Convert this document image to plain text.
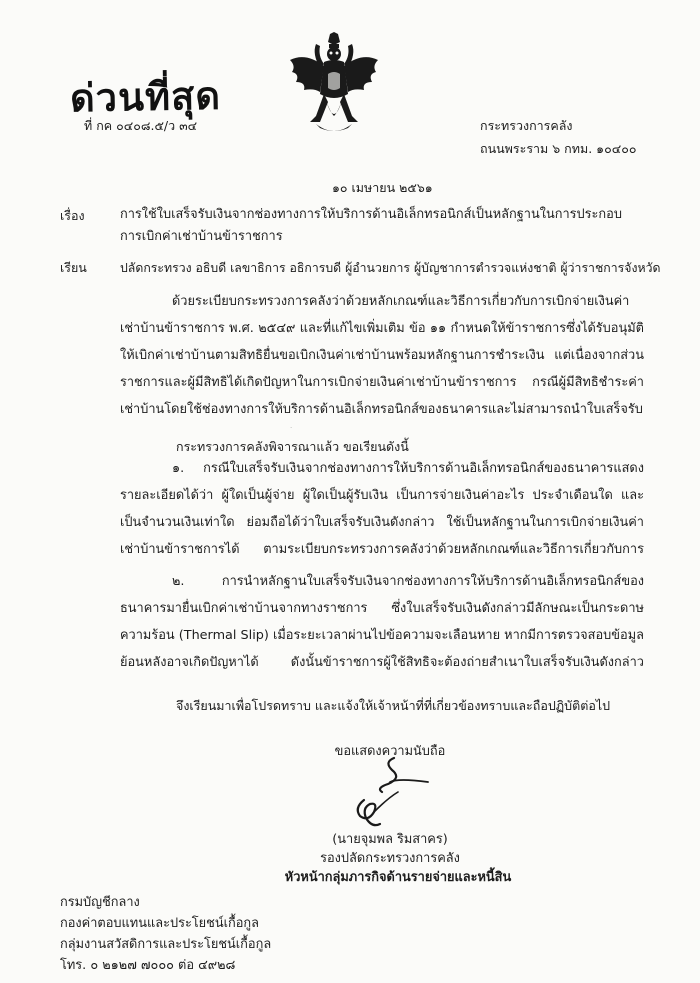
ด่วนที่สุด
ที่ กค ๐๔๐๘.๕/ว ๓๔	กระทรวงการคลัง
ถนนพระราม ๖ กทม. ๑๐๔๐๐
๑๐ เมษายน ๒๕๖๑
เรื่อง	การใช้ใบเสร็จรับเงินจากช่องทางการให้บริการด้านอิเล็กทรอนิกส์เป็นหลักฐานในการประกอบการเบิกค่าเช่าบ้านข้าราชการ
เรียน	ปลัดกระทรวง อธิบดี เลขาธิการ อธิการบดี ผู้อำนวยการ ผู้บัญชาการตำรวจแห่งชาติ ผู้ว่าราชการจังหวัด
ด้วยระเบียบกระทรวงการคลังว่าด้วยหลักเกณฑ์และวิธีการเกี่ยวกับการเบิกจ่ายเงินค่าเช่าบ้านข้าราชการ พ.ศ. ๒๕๔๙ และที่แก้ไขเพิ่มเติม ข้อ ๑๑ กำหนดให้ข้าราชการซึ่งได้รับอนุมัติให้เบิกค่าเช่าบ้านตามสิทธิยื่นขอเบิกเงินค่าเช่าบ้านพร้อมหลักฐานการชำระเงิน แต่เนื่องจากส่วนราชการและผู้มีสิทธิได้เกิดปัญหาในการเบิกจ่ายเงินค่าเช่าบ้านข้าราชการ กรณีผู้มีสิทธิชำระค่าเช่าบ้านโดยใช้ช่องทางการให้บริการด้านอิเล็กทรอนิกส์ของธนาคารและไม่สามารถนำใบเสร็จรับ
กระทรวงการคลังพิจารณาแล้ว ขอเรียนดังนี้
๑. กรณีใบเสร็จรับเงินจากช่องทางการให้บริการด้านอิเล็กทรอนิกส์ของธนาคารแสดงรายละเอียดได้ว่า ผู้ใดเป็นผู้จ่าย ผู้ใดเป็นผู้รับเงิน เป็นการจ่ายเงินค่าอะไร ประจำเดือนใด และเป็นจำนวนเงินเท่าใด ย่อมถือได้ว่าใบเสร็จรับเงินดังกล่าว ใช้เป็นหลักฐานในการเบิกจ่ายเงินค่าเช่าบ้านข้าราชการได้ ตามระเบียบกระทรวงการคลังว่าด้วยหลักเกณฑ์และวิธีการเกี่ยวกับการ
๒. การนำหลักฐานใบเสร็จรับเงินจากช่องทางการให้บริการด้านอิเล็กทรอนิกส์ของธนาคารมายื่นเบิกค่าเช่าบ้านจากทางราชการ ซึ่งใบเสร็จรับเงินดังกล่าวมีลักษณะเป็นกระดาษความร้อน (Thermal Slip) เมื่อระยะเวลาผ่านไปข้อความจะเลือนหาย หากมีการตรวจสอบข้อมูลย้อนหลังอาจเกิดปัญหาได้ ดังนั้นข้าราชการผู้ใช้สิทธิจะต้องถ่ายสำเนาใบเสร็จรับเงินดังกล่าว
จึงเรียนมาเพื่อโปรดทราบ และแจ้งให้เจ้าหน้าที่ที่เกี่ยวข้องทราบและถือปฏิบัติต่อไป
ขอแสดงความนับถือ
(นายจุมพล ริมสาคร)
รองปลัดกระทรวงการคลัง
หัวหน้ากลุ่มภารกิจด้านรายจ่ายและหนี้สิน
กรมบัญชีกลาง
กองค่าตอบแทนและประโยชน์เกื้อกูล
กลุ่มงานสวัสดิการและประโยชน์เกื้อกูล
โทร. ๐ ๒๑๒๗ ๗๐๐๐ ต่อ ๔๙๒๘
